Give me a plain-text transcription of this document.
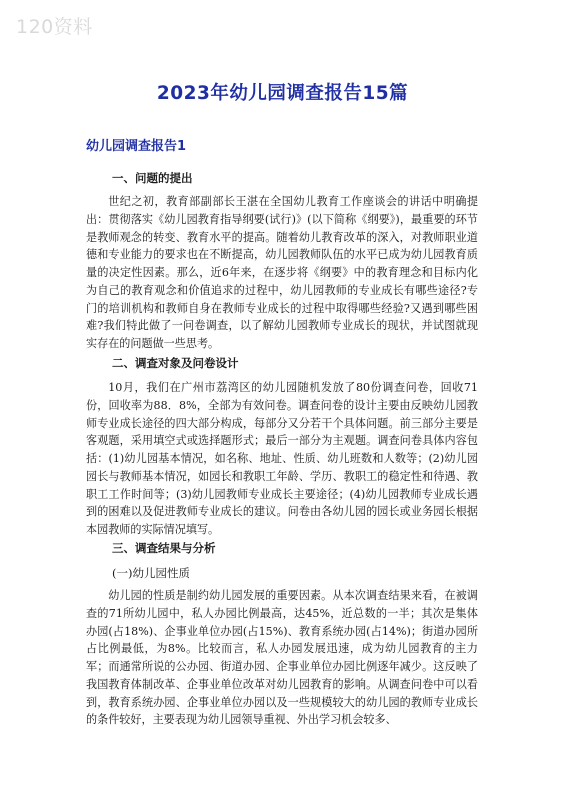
120资料
2023年幼儿园调查报告15篇
幼儿园调查报告1
一、问题的提出

世纪之初，教育部副部长王湛在全国幼儿教育工作座谈会的讲话中明确提出：贯彻落实《幼儿园教育指导纲要(试行)》(以下简称《纲要》)，最重要的环节是教师观念的转变、教育水平的提高。随着幼儿教育改革的深入，对教师职业道德和专业能力的要求也在不断提高，幼儿园教师队伍的水平已成为幼儿园教育质量的决定性因素。那么，近6年来，在逐步将《纲要》中的教育理念和目标内化为自己的教育观念和价值追求的过程中，幼儿园教师的专业成长有哪些途径?专门的培训机构和教师自身在教师专业成长的过程中取得哪些经验?又遇到哪些困难?我们特此做了一问卷调查，以了解幼儿园教师专业成长的现状，并试图就现实存在的问题做一些思考。

二、调查对象及问卷设计

10月，我们在广州市荔湾区的幼儿园随机发放了80份调查问卷，回收71份，回收率为88．8%，全部为有效问卷。调查问卷的设计主要由反映幼儿园教师专业成长途径的四大部分构成，每部分又分若干个具体问题。前三部分主要是客观题，采用填空式或选择题形式；最后一部分为主观题。调查问卷具体内容包括：(1)幼儿园基本情况，如名称、地址、性质、幼儿班数和人数等；(2)幼儿园园长与教师基本情况，如园长和教职工年龄、学历、教职工的稳定性和待遇、教职工工作时间等；(3)幼儿园教师专业成长主要途径；(4)幼儿园教师专业成长遇到的困难以及促进教师专业成长的建议。问卷由各幼儿园的园长或业务园长根据本园教师的实际情况填写。

三、调查结果与分析
(一)幼儿园性质

幼儿园的性质是制约幼儿园发展的重要因素。从本次调查结果来看，在被调查的71所幼儿园中，私人办园比例最高，达45%，近总数的一半；其次是集体办园(占18%)、企事业单位办园(占15%)、教育系统办园(占14%)；街道办园所占比例最低，为8%。比较而言，私人办园发展迅速，成为幼儿园教育的主力军；而通常所说的公办园、街道办园、企事业单位办园比例逐年减少。这反映了我国教育体制改革、企事业单位改革对幼儿园教育的影响。从调查问卷中可以看到，教育系统办园、企事业单位办园以及一些规模较大的幼儿园的教师专业成长的条件较好，主要表现为幼儿园领导重视、外出学习机会较多、
